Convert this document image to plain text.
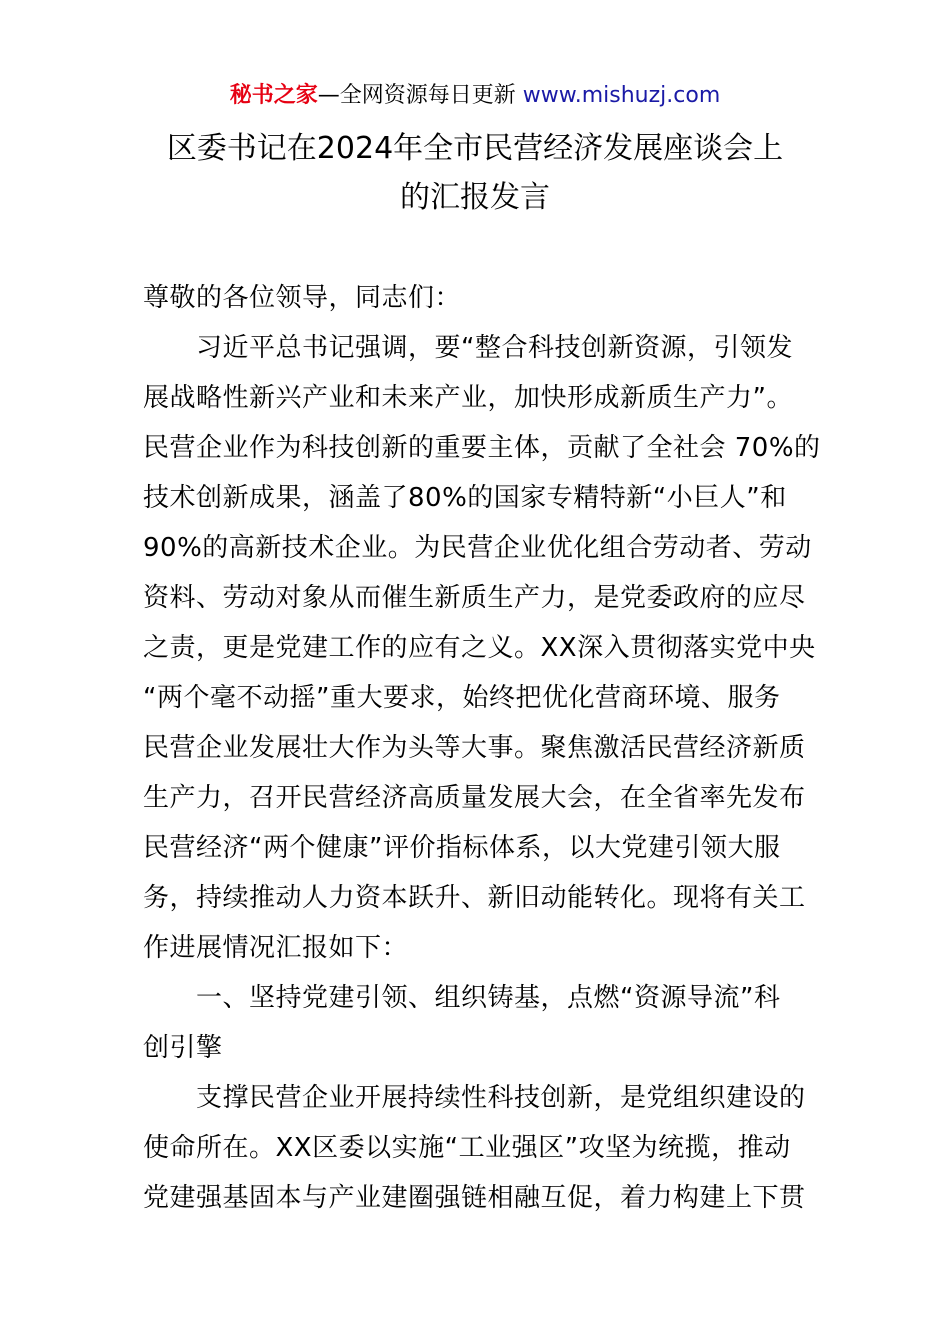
秘书之家—全网资源每日更新 www.mishuzj.com
区委书记在2024年全市民营经济发展座谈会上
的汇报发言
尊敬的各位领导，同志们：
　　习近平总书记强调，要“整合科技创新资源，引领发
展战略性新兴产业和未来产业，加快形成新质生产力”。
民营企业作为科技创新的重要主体，贡献了全社会 70%的
技术创新成果，涵盖了80%的国家专精特新“小巨人”和
90%的高新技术企业。为民营企业优化组合劳动者、劳动
资料、劳动对象从而催生新质生产力，是党委政府的应尽
之责，更是党建工作的应有之义。XX深入贯彻落实党中央
“两个毫不动摇”重大要求，始终把优化营商环境、服务
民营企业发展壮大作为头等大事。聚焦激活民营经济新质
生产力，召开民营经济高质量发展大会，在全省率先发布
民营经济“两个健康”评价指标体系，以大党建引领大服
务，持续推动人力资本跃升、新旧动能转化。现将有关工
作进展情况汇报如下：
　　一、坚持党建引领、组织铸基，点燃“资源导流”科
创引擎
　　支撑民营企业开展持续性科技创新，是党组织建设的
使命所在。XX区委以实施“工业强区”攻坚为统揽，推动
党建强基固本与产业建圈强链相融互促，着力构建上下贯
